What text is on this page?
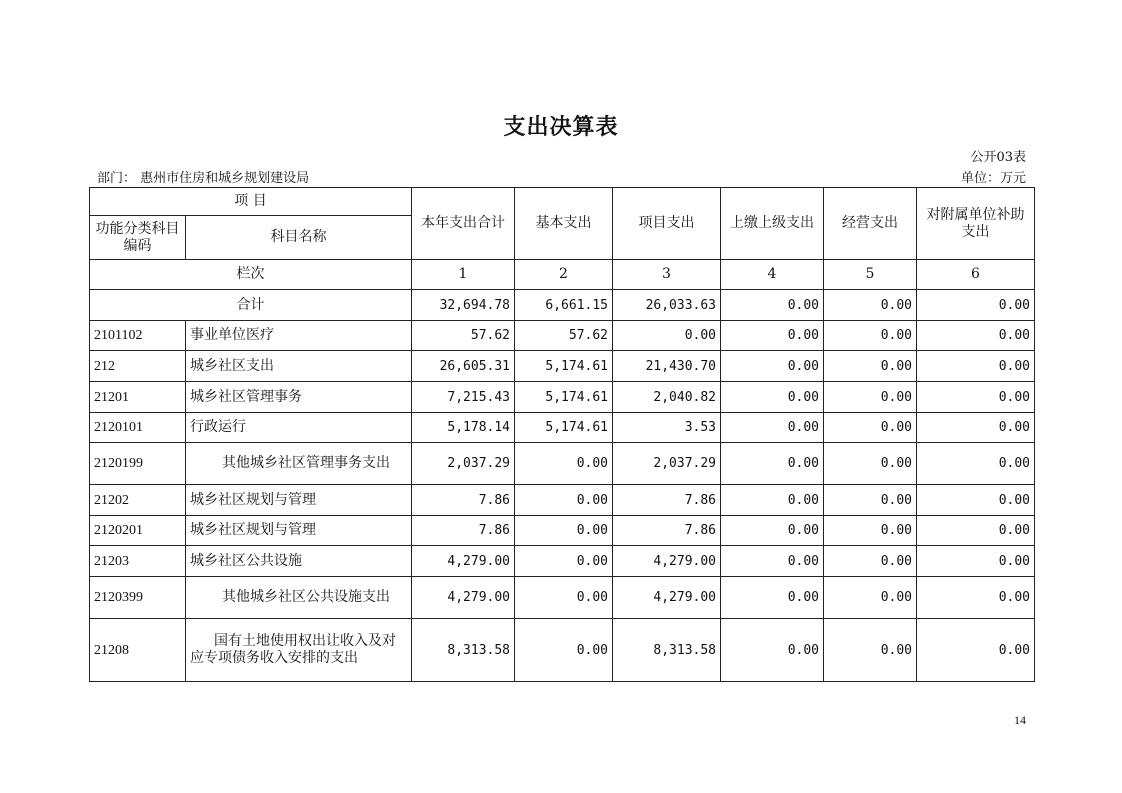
支出决算表
公开03表
部门： 惠州市住房和城乡规划建设局	单位：万元
项 目		本年支出合计	基本支出	项目支出	上缴上级支出	经营支出	对附属单位补助支出
功能分类科目编码	科目名称						
栏次		1	2	3	4	5	6
合计		32,694.78	6,661.15	26,033.63	0.00	0.00	0.00
2101102	事业单位医疗	57.62	57.62	0.00	0.00	0.00	0.00
212	城乡社区支出	26,605.31	5,174.61	21,430.70	0.00	0.00	0.00
21201	城乡社区管理事务	7,215.43	5,174.61	2,040.82	0.00	0.00	0.00
2120101	行政运行	5,178.14	5,174.61	3.53	0.00	0.00	0.00
2120199	其他城乡社区管理事务支出	2,037.29	0.00	2,037.29	0.00	0.00	0.00
21202	城乡社区规划与管理	7.86	0.00	7.86	0.00	0.00	0.00
2120201	城乡社区规划与管理	7.86	0.00	7.86	0.00	0.00	0.00
21203	城乡社区公共设施	4,279.00	0.00	4,279.00	0.00	0.00	0.00
2120399	其他城乡社区公共设施支出	4,279.00	0.00	4,279.00	0.00	0.00	0.00
21208	国有土地使用权出让收入及对应专项债务收入安排的支出	8,313.58	0.00	8,313.58	0.00	0.00	0.00
14
